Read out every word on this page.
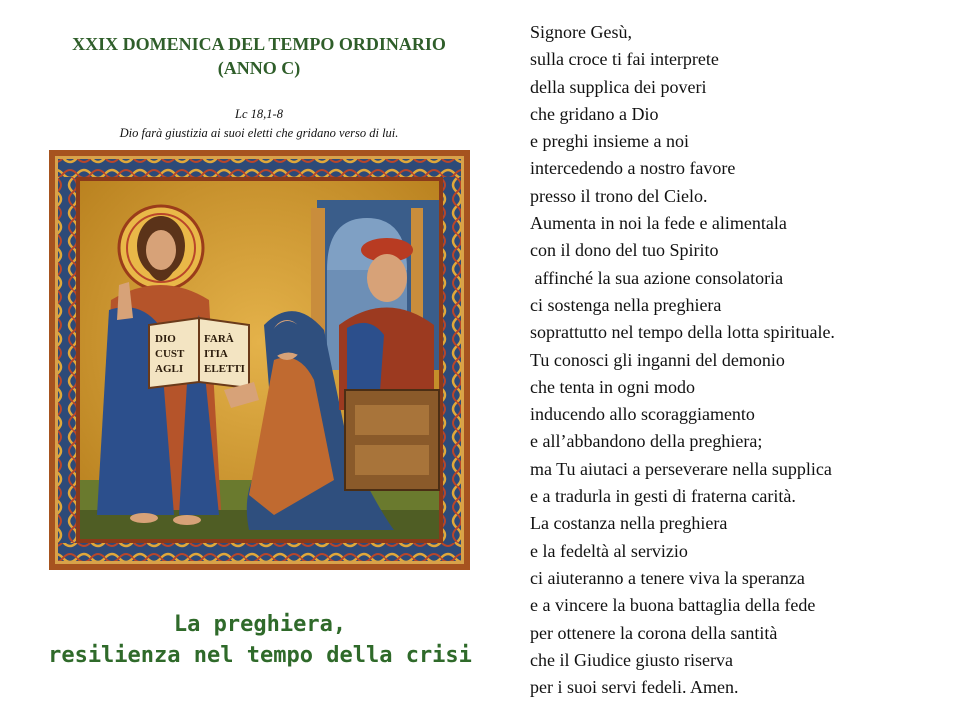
XXIX DOMENICA DEL TEMPO ORDINARIO
(ANNO C)
Lc 18,1-8
Dio farà giustizia ai suoi eletti che gridano verso di lui.
DIO
CUST
AGLI
FARÀ
ITIA
ELETTI
La preghiera,
resilienza nel tempo della crisi
Signore Gesù,
sulla croce ti fai interprete
della supplica dei poveri
che gridano a Dio
e preghi insieme a noi
intercedendo a nostro favore
presso il trono del Cielo.
Aumenta in noi la fede e alimentala
con il dono del tuo Spirito
affinché la sua azione consolatoria
ci sostenga nella preghiera
soprattutto nel tempo della lotta spirituale.
Tu conosci gli inganni del demonio
che tenta in ogni modo
inducendo allo scoraggiamento
e all’abbandono della preghiera;
ma Tu aiutaci a perseverare nella supplica
e a tradurla in gesti di fraterna carità.
La costanza nella preghiera
e la fedeltà al servizio
ci aiuteranno a tenere viva la speranza
e a vincere la buona battaglia della fede
per ottenere la corona della santità
che il Giudice giusto riserva
per i suoi servi fedeli. Amen.
